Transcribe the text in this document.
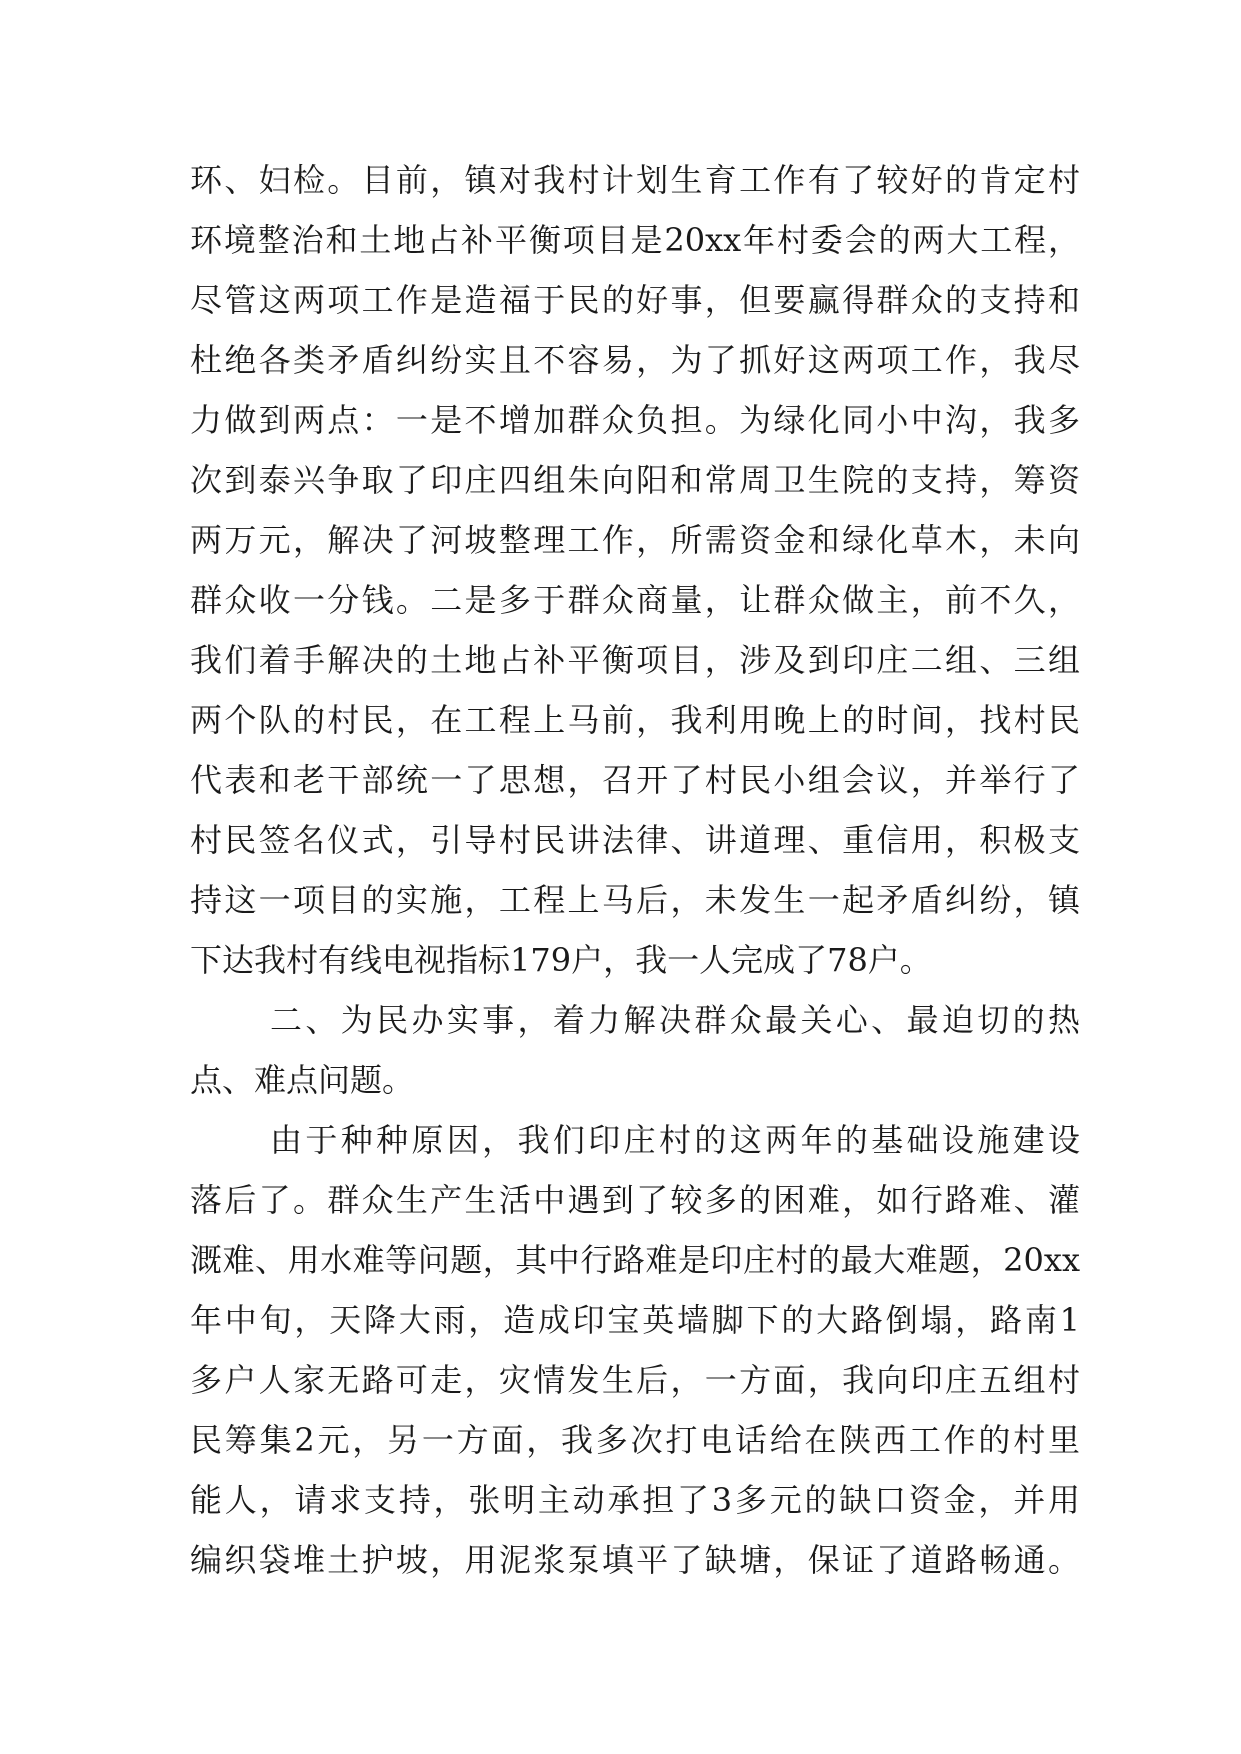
环、妇检。目前，镇对我村计划生育工作有了较好的肯定村
环境整治和土地占补平衡项目是20xx年村委会的两大工程，
尽管这两项工作是造福于民的好事，但要赢得群众的支持和
杜绝各类矛盾纠纷实且不容易，为了抓好这两项工作，我尽
力做到两点：一是不增加群众负担。为绿化同小中沟，我多
次到泰兴争取了印庄四组朱向阳和常周卫生院的支持，筹资
两万元，解决了河坡整理工作，所需资金和绿化草木，未向
群众收一分钱。二是多于群众商量，让群众做主，前不久，
我们着手解决的土地占补平衡项目，涉及到印庄二组、三组
两个队的村民，在工程上马前，我利用晚上的时间，找村民
代表和老干部统一了思想，召开了村民小组会议，并举行了
村民签名仪式，引导村民讲法律、讲道理、重信用，积极支
持这一项目的实施，工程上马后，未发生一起矛盾纠纷，镇
下达我村有线电视指标179户，我一人完成了78户。
二、为民办实事，着力解决群众最关心、最迫切的热
点、难点问题。
由于种种原因，我们印庄村的这两年的基础设施建设
落后了。群众生产生活中遇到了较多的困难，如行路难、灌
溉难、用水难等问题，其中行路难是印庄村的最大难题，20xx
年中旬，天降大雨，造成印宝英墙脚下的大路倒塌，路南1
多户人家无路可走，灾情发生后，一方面，我向印庄五组村
民筹集2元，另一方面，我多次打电话给在陕西工作的村里
能人，请求支持，张明主动承担了3多元的缺口资金，并用
编织袋堆土护坡，用泥浆泵填平了缺塘，保证了道路畅通。
